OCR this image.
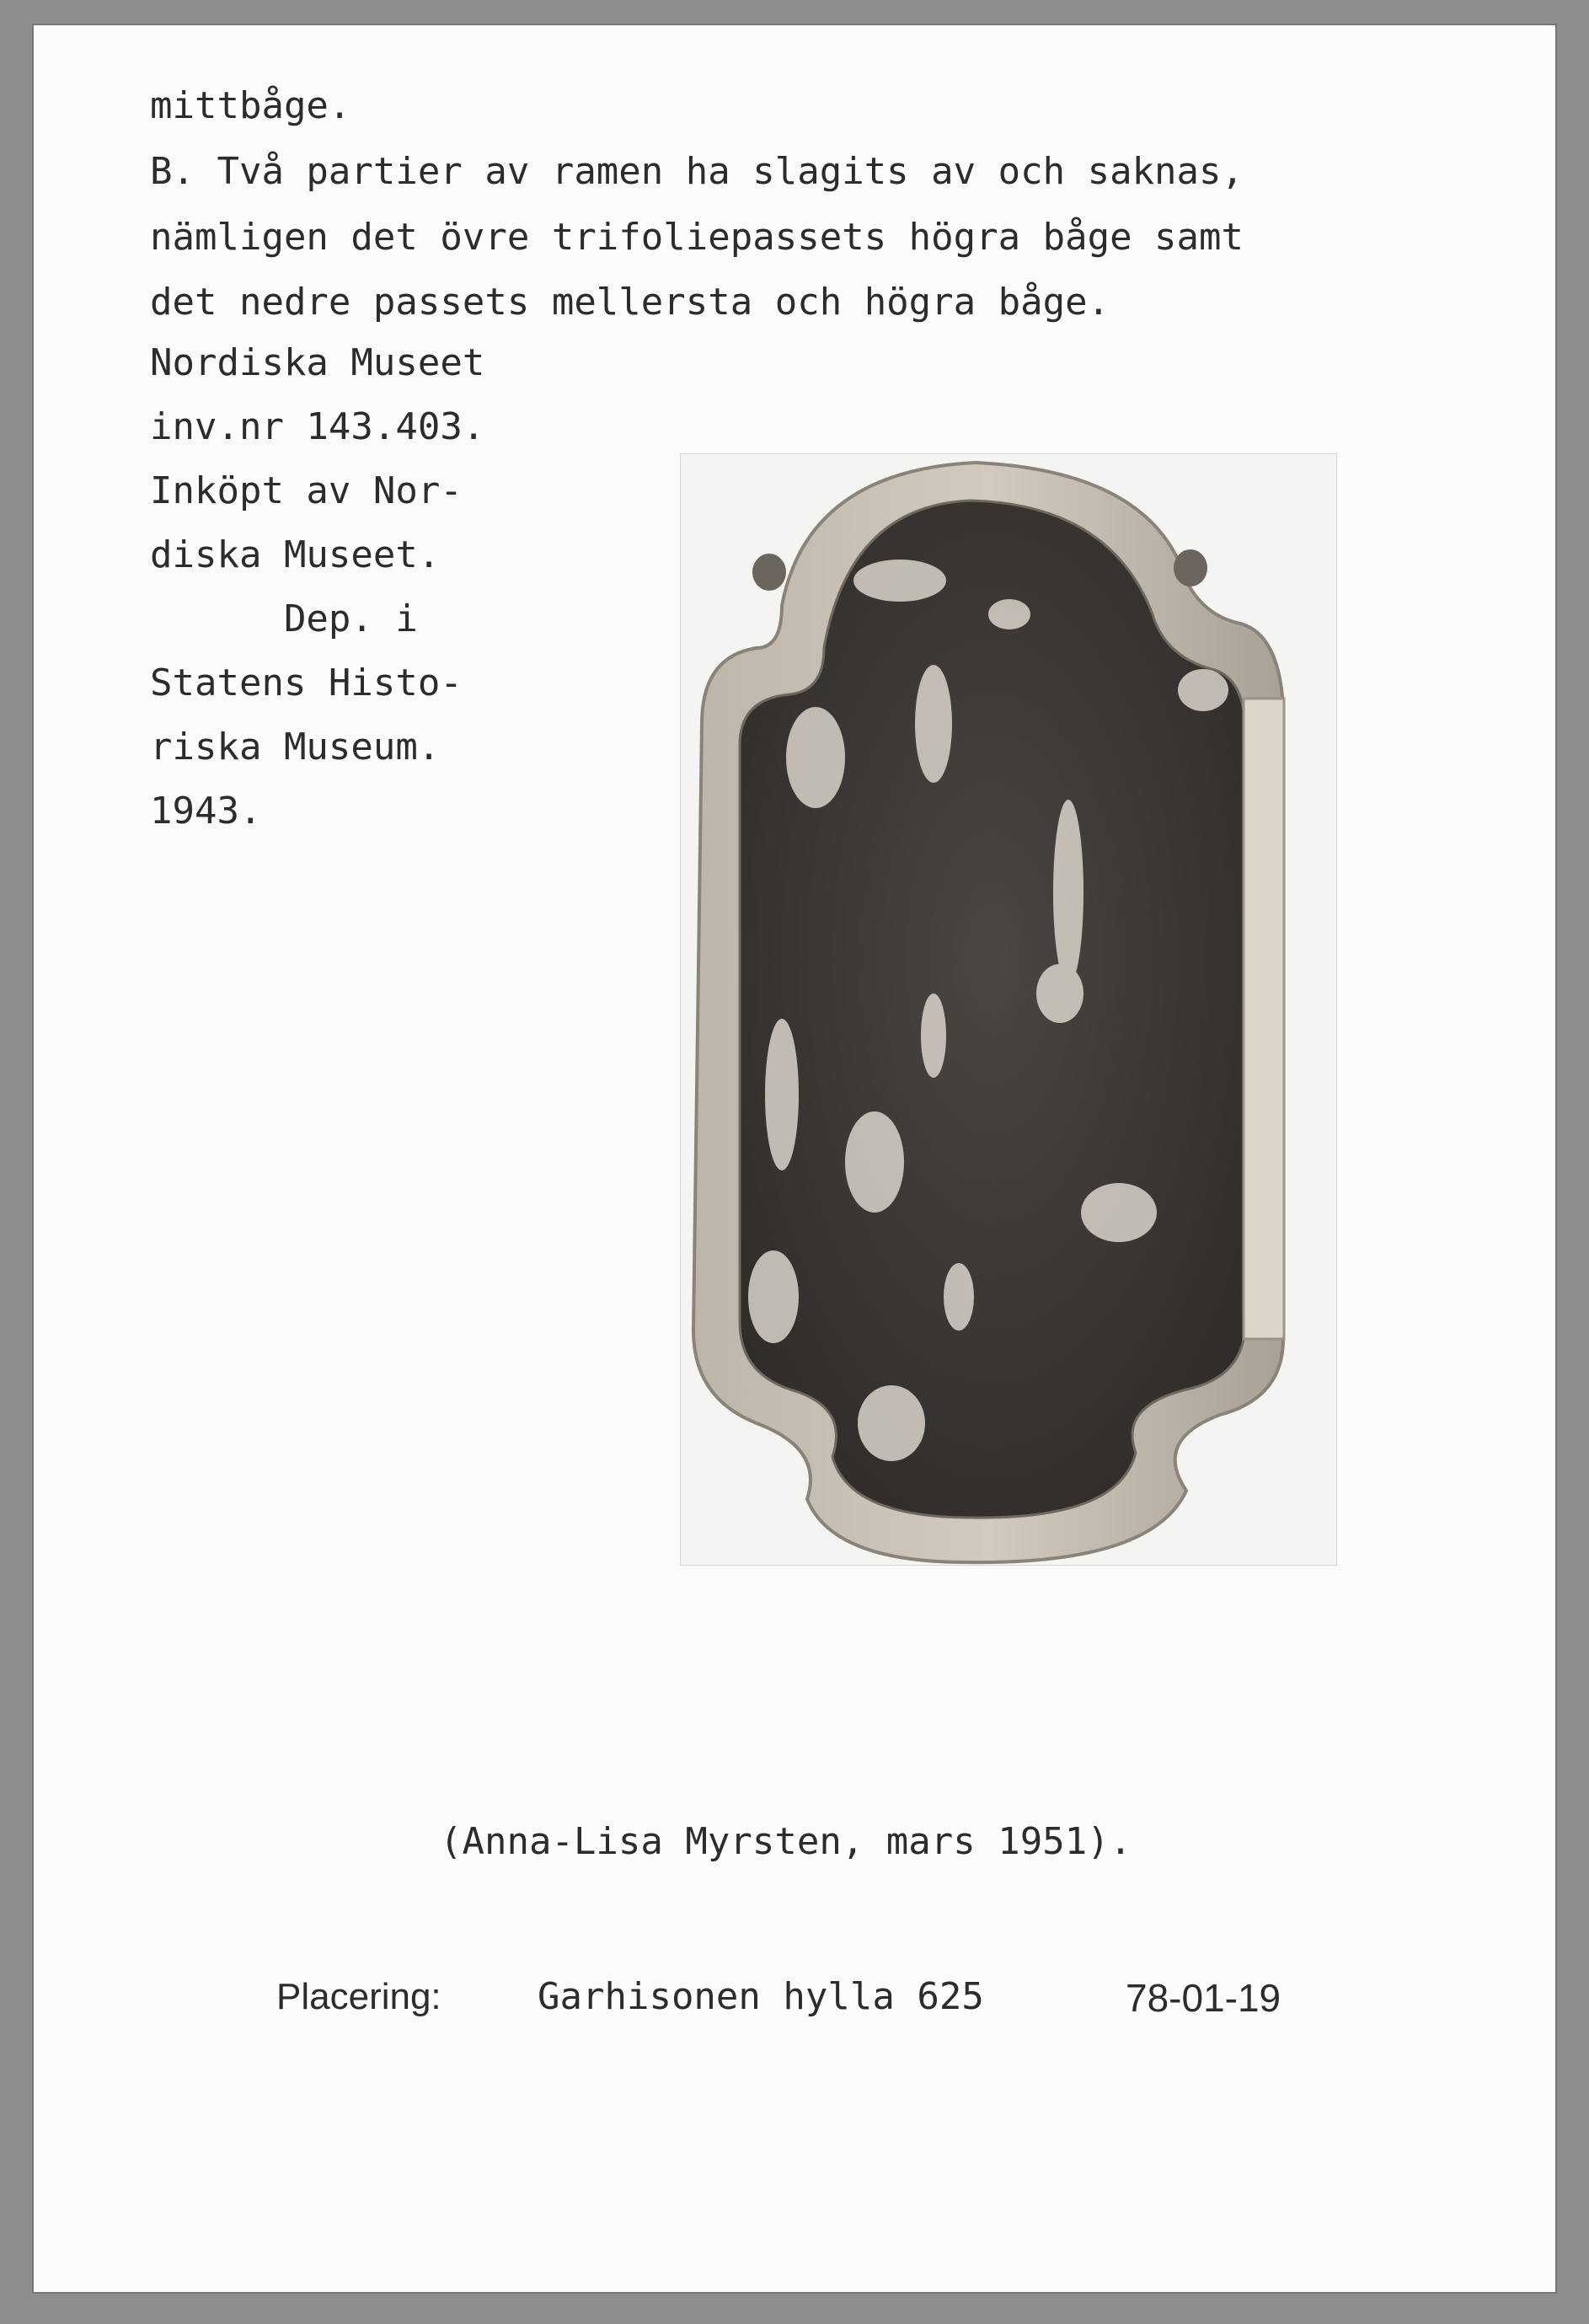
mittbåge.
B. Två partier av ramen ha slagits av och saknas,
nämligen det övre trifoliepassets högra båge samt
det nedre passets mellersta och högra båge.
Nordiska Museet
inv.nr 143.403.
Inköpt av Nor-
diska Museet.
Dep. i
Statens Histo-
riska Museum.
1943.
(Anna-Lisa Myrsten, mars 1951).
Placering:	Garhisonen hylla 625	78-01-19
